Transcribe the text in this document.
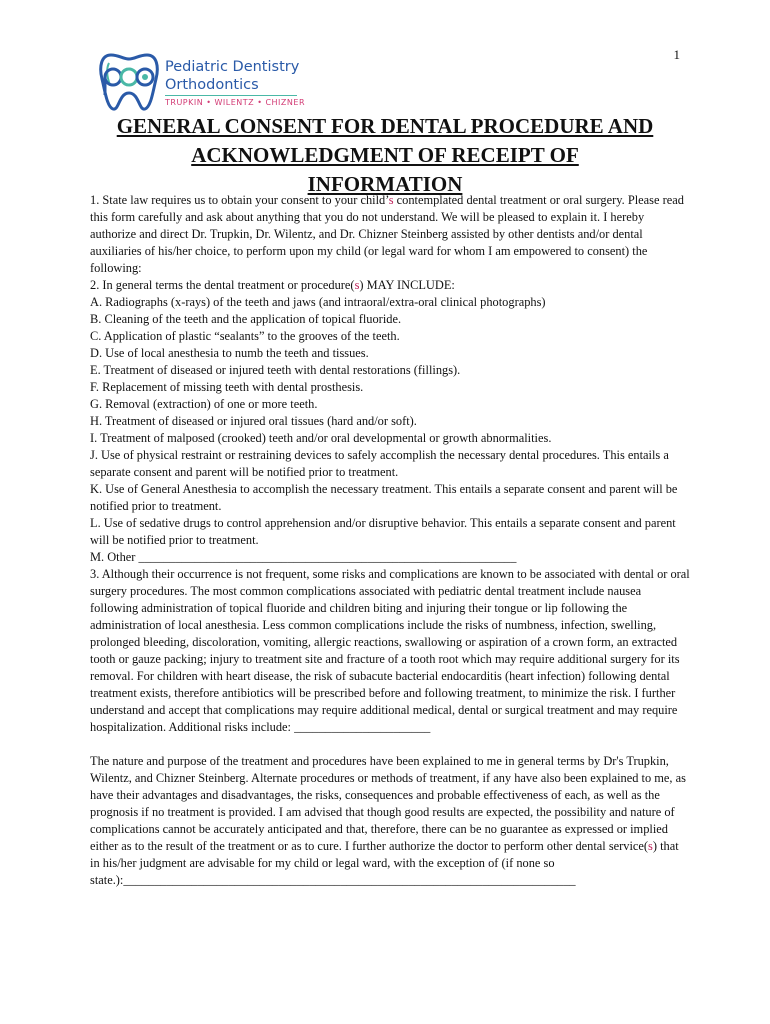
1
Pediatric Dentistry
Orthodontics
TRUPKIN • WILENTZ • CHIZNER
GENERAL CONSENT FOR DENTAL PROCEDURE AND
ACKNOWLEDGMENT OF RECEIPT OF
INFORMATION

1. State law requires us to obtain your consent to your child’s contemplated dental treatment or oral surgery. Please read this form carefully and ask about anything that you do not understand. We will be pleased to explain it. I hereby authorize and direct Dr. Trupkin, Dr. Wilentz, and Dr. Chizner Steinberg assisted by other dentists and/or dental auxiliaries of his/her choice, to perform upon my child (or legal ward for whom I am empowered to consent) the following:

2. In general terms the dental treatment or procedure(s) MAY INCLUDE:

A. Radiographs (x-rays) of the teeth and jaws (and intraoral/extra-oral clinical photographs)

B. Cleaning of the teeth and the application of topical fluoride.

C. Application of plastic “sealants” to the grooves of the teeth.

D. Use of local anesthesia to numb the teeth and tissues.

E. Treatment of diseased or injured teeth with dental restorations (fillings).

F. Replacement of missing teeth with dental prosthesis.

G. Removal (extraction) of one or more teeth.

H. Treatment of diseased or injured oral tissues (hard and/or soft).

I. Treatment of malposed (crooked) teeth and/or oral developmental or growth abnormalities.

J. Use of physical restraint or restraining devices to safely accomplish the necessary dental procedures. This entails a separate consent and parent will be notified prior to treatment.

K. Use of General Anesthesia to accomplish the necessary treatment. This entails a separate consent and parent will be notified prior to treatment.

L. Use of sedative drugs to control apprehension and/or disruptive behavior. This entails a separate consent and parent will be notified prior to treatment.

M. Other _____________________________________________________________

3. Although their occurrence is not frequent, some risks and complications are known to be associated with dental or oral surgery procedures. The most common complications associated with pediatric dental treatment include nausea following administration of topical fluoride and children biting and injuring their tongue or lip following the administration of local anesthesia. Less common complications include the risks of numbness, infection, swelling, prolonged bleeding, discoloration, vomiting, allergic reactions, swallowing or aspiration of a crown form, an extracted tooth or gauze packing; injury to treatment site and fracture of a tooth root which may require additional surgery for its removal. For children with heart disease, the risk of subacute bacterial endocarditis (heart infection) following dental treatment exists, therefore antibiotics will be prescribed before and following treatment, to minimize the risk. I further understand and accept that complications may require additional medical, dental or surgical treatment and may require hospitalization. Additional risks include: ______________________

The nature and purpose of the treatment and procedures have been explained to me in general terms by Dr's Trupkin, Wilentz, and Chizner Steinberg. Alternate procedures or methods of treatment, if any have also been explained to me, as have their advantages and disadvantages, the risks, consequences and probable effectiveness of each, as well as the prognosis if no treatment is provided. I am advised that though good results are expected, the possibility and nature of complications cannot be accurately anticipated and that, therefore, there can be no guarantee as expressed or implied either as to the result of the treatment or as to cure. I further authorize the doctor to perform other dental service(s) that in his/her judgment are advisable for my child or legal ward, with the exception of (if none so state.):_________________________________________________________________________
